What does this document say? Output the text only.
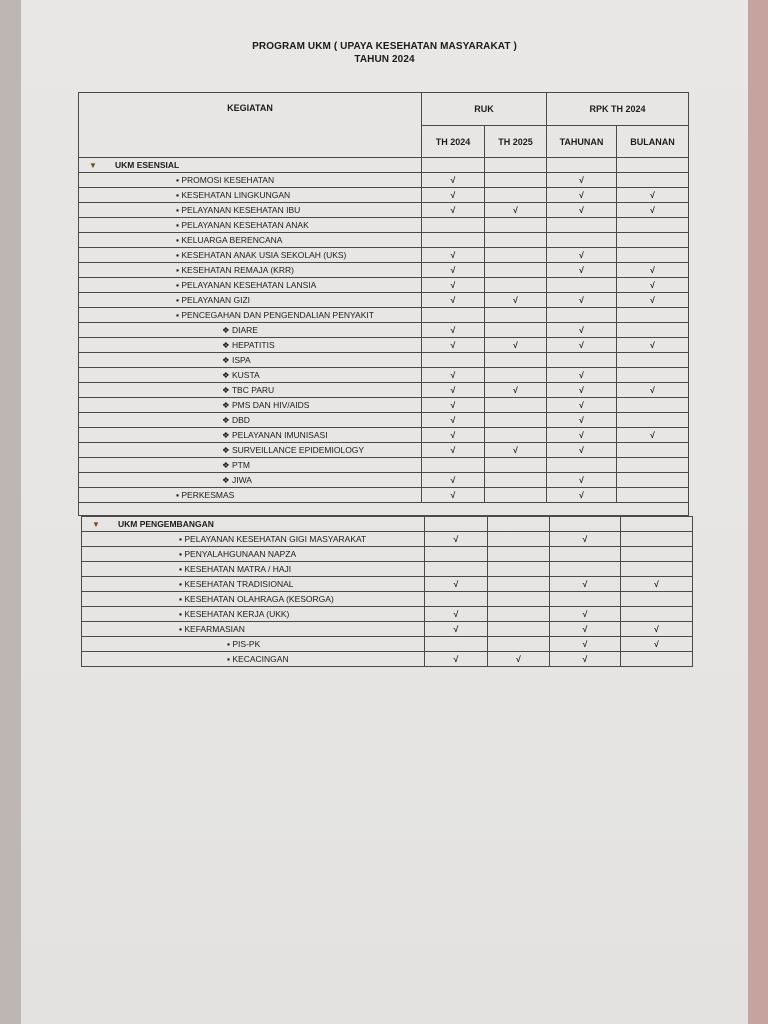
PROGRAM UKM ( UPAYA KESEHATAN MASYARAKAT )
TAHUN 2024
KEGIATAN	RUK		RPK TH 2024	
	TH 2024	TH 2025	TAHUNAN	BULANAN
▼ UKM ESENSIAL				
▪ PROMOSI KESEHATAN	√		√	
▪ KESEHATAN LINGKUNGAN	√		√	√
▪ PELAYANAN KESEHATAN IBU	√	√	√	√
▪ PELAYANAN KESEHATAN ANAK				
▪ KELUARGA BERENCANA				
▪ KESEHATAN ANAK USIA SEKOLAH (UKS)	√		√	
▪ KESEHATAN REMAJA (KRR)	√		√	√
▪ PELAYANAN KESEHATAN LANSIA	√			√
▪ PELAYANAN GIZI	√	√	√	√
▪ PENCEGAHAN DAN PENGENDALIAN PENYAKIT				
❖ DIARE	√		√	
❖ HEPATITIS	√	√	√	√
❖ ISPA				
❖ KUSTA	√		√	
❖ TBC PARU	√	√	√	√
❖ PMS DAN HIV/AIDS	√		√	
❖ DBD	√		√	
❖ PELAYANAN IMUNISASI	√		√	√
❖ SURVEILLANCE EPIDEMIOLOGY	√	√	√	
❖ PTM				
❖ JIWA	√		√	
▪ PERKESMAS	√		√	

▼ UKM PENGEMBANGAN				
▪ PELAYANAN KESEHATAN GIGI MASYARAKAT	√		√	
▪ PENYALAHGUNAAN NAPZA				
▪ KESEHATAN MATRA / HAJI				
▪ KESEHATAN TRADISIONAL	√		√	√
▪ KESEHATAN OLAHRAGA (KESORGA)				
▪ KESEHATAN KERJA (UKK)	√		√	
▪ KEFARMASIAN	√		√	√
▪ PIS-PK			√	√
▪ KECACINGAN	√	√	√	
